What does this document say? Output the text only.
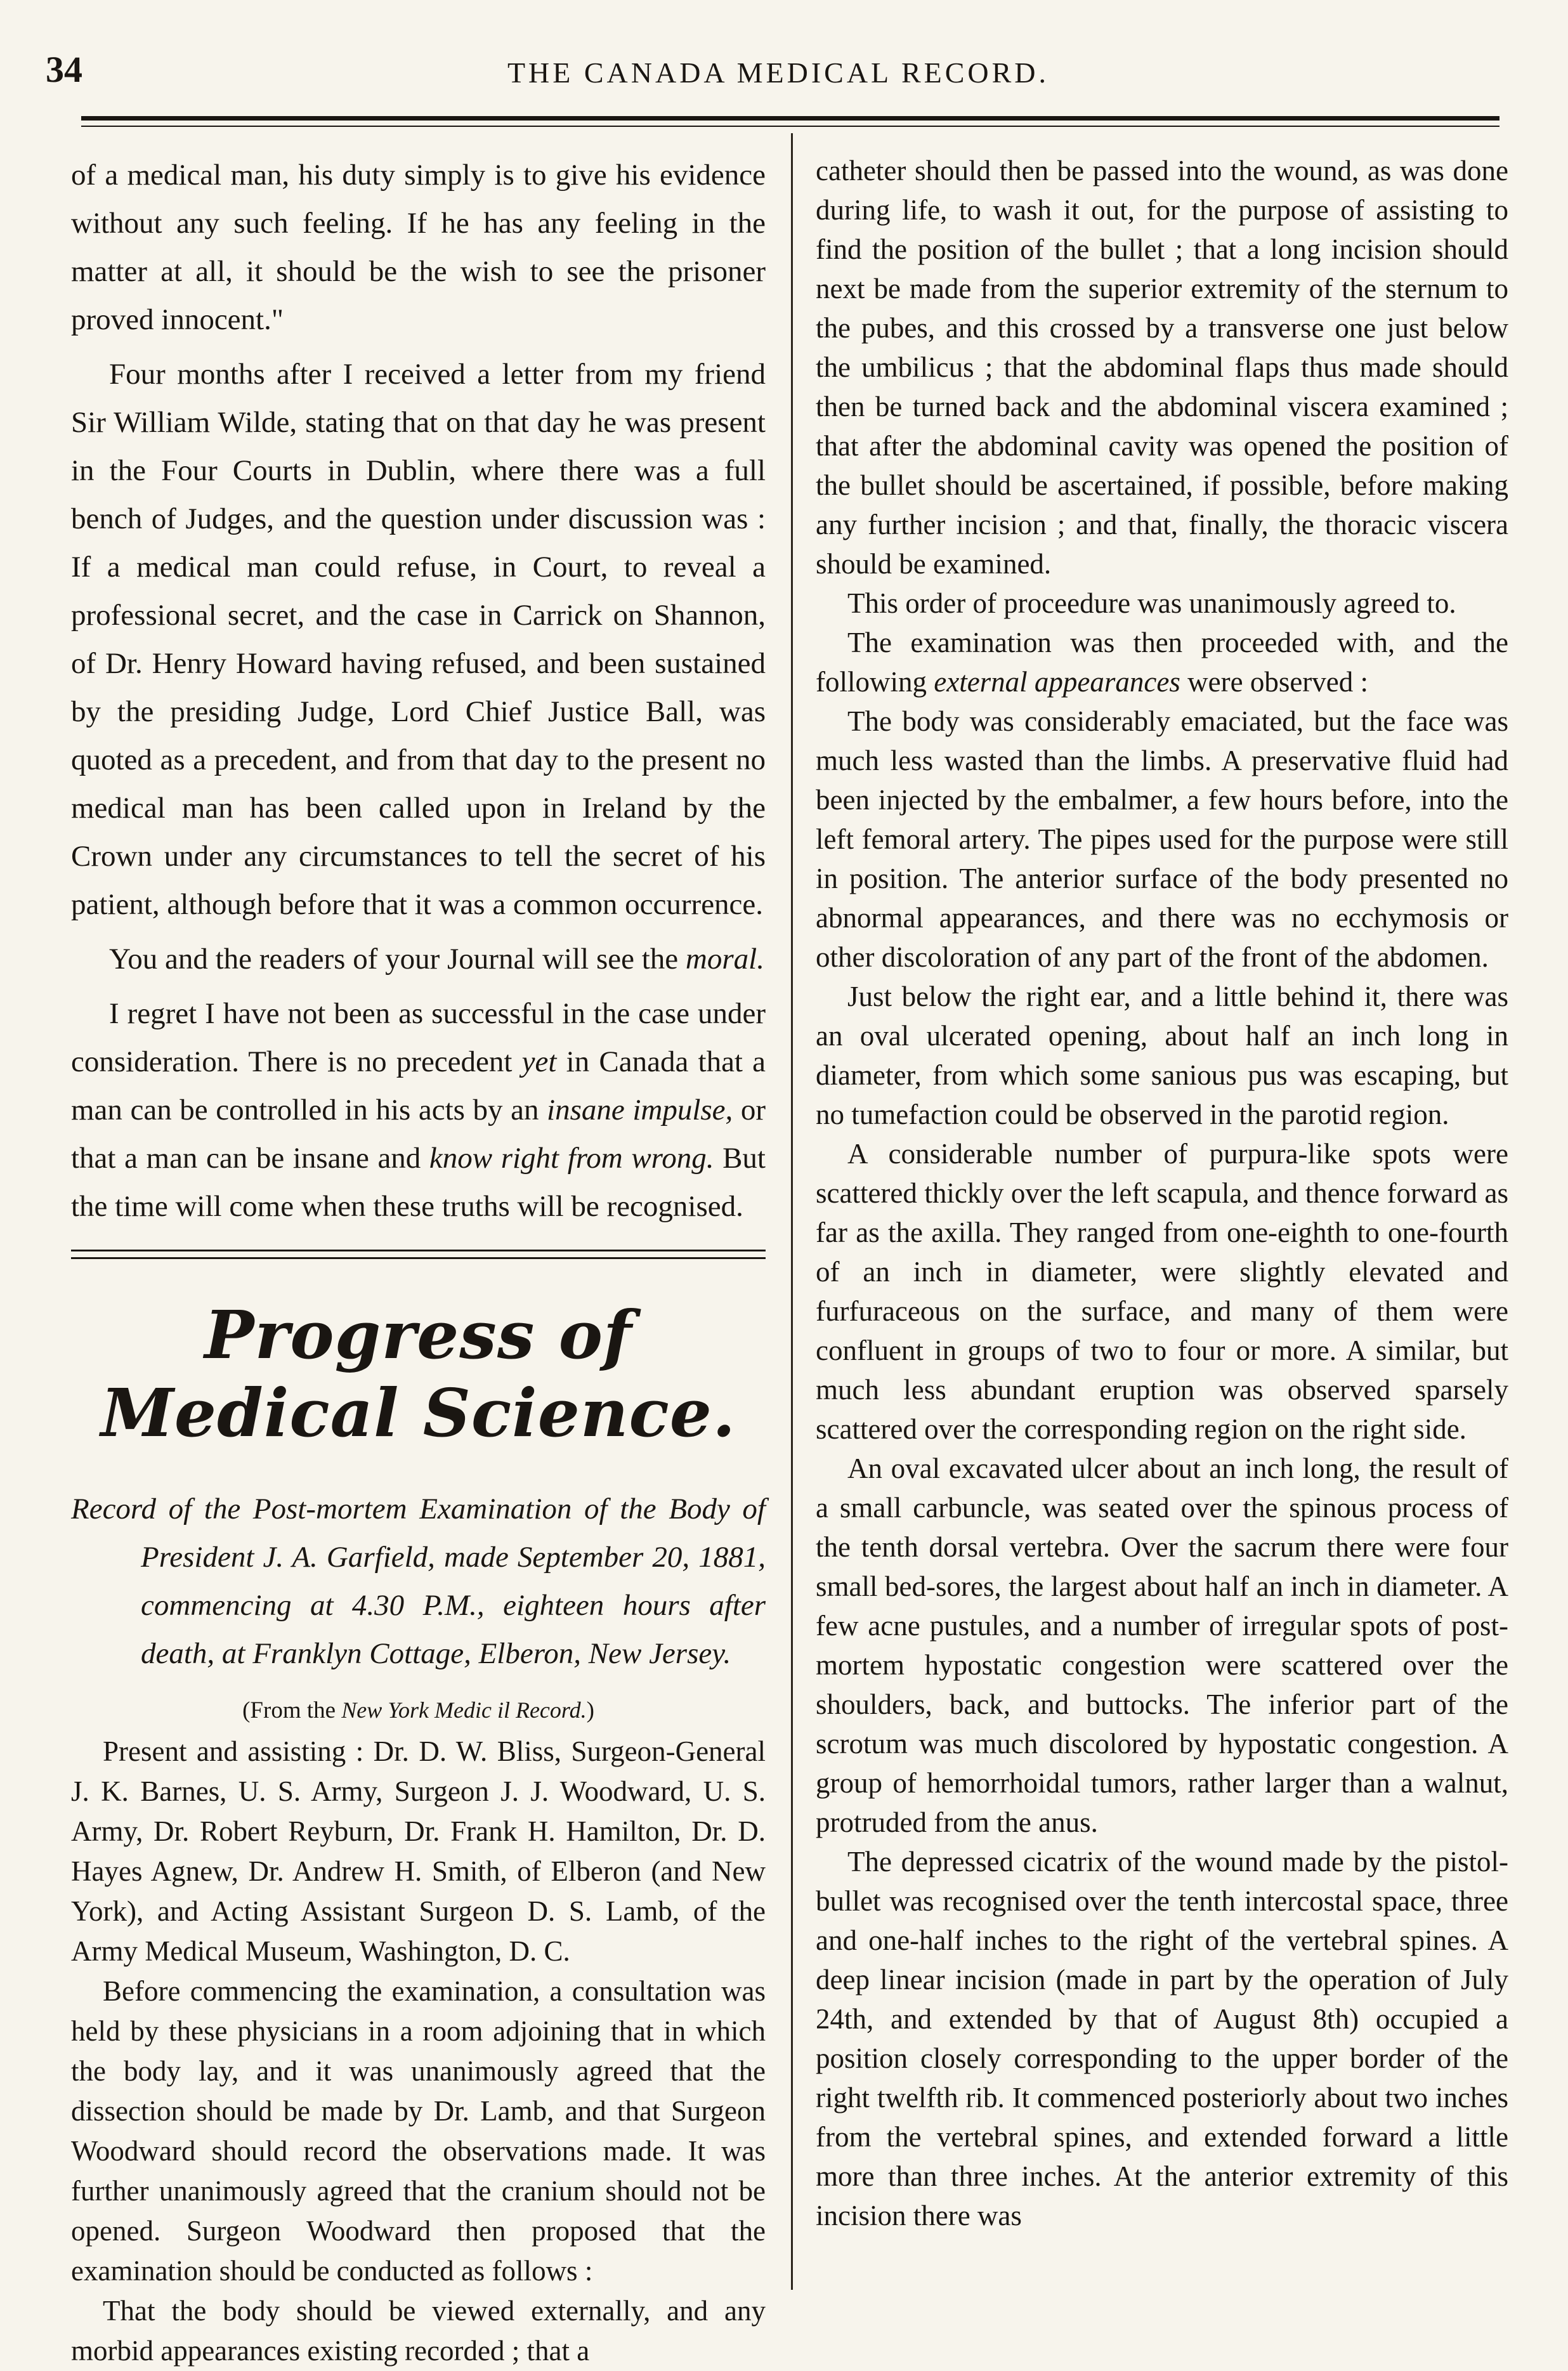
34	THE CANADA MEDICAL RECORD.

of a medical man, his duty simply is to give his evidence without any such feeling. If he has any feeling in the matter at all, it should be the wish to see the prisoner proved innocent."

Four months after I received a letter from my friend Sir William Wilde, stating that on that day he was present in the Four Courts in Dublin, where there was a full bench of Judges, and the question under discussion was : If a medical man could refuse, in Court, to reveal a professional secret, and the case in Carrick on Shannon, of Dr. Henry Howard having refused, and been sustained by the presiding Judge, Lord Chief Justice Ball, was quoted as a precedent, and from that day to the present no medical man has been called upon in Ireland by the Crown under any circumstances to tell the secret of his patient, although before that it was a common occurrence.

You and the readers of your Journal will see the moral.

I regret I have not been as successful in the case under consideration. There is no precedent yet in Canada that a man can be controlled in his acts by an insane impulse, or that a man can be insane and know right from wrong. But the time will come when these truths will be recognised.

Progress of Medical Science.

Record of the Post-mortem Examination of the Body of President J. A. Garfield, made September 20, 1881, commencing at 4.30 P.M., eighteen hours after death, at Franklyn Cottage, Elberon, New Jersey.

(From the New York Medic il Record.)

Present and assisting : Dr. D. W. Bliss, Surgeon-General J. K. Barnes, U. S. Army, Surgeon J. J. Woodward, U. S. Army, Dr. Robert Reyburn, Dr. Frank H. Hamilton, Dr. D. Hayes Agnew, Dr. Andrew H. Smith, of Elberon (and New York), and Acting Assistant Surgeon D. S. Lamb, of the Army Medical Museum, Washington, D. C.

Before commencing the examination, a consultation was held by these physicians in a room adjoining that in which the body lay, and it was unanimously agreed that the dissection should be made by Dr. Lamb, and that Surgeon Woodward should record the observations made. It was further unanimously agreed that the cranium should not be opened. Surgeon Woodward then proposed that the examination should be conducted as follows :

That the body should be viewed externally, and any morbid appearances existing recorded ; that a

catheter should then be passed into the wound, as was done during life, to wash it out, for the purpose of assisting to find the position of the bullet ; that a long incision should next be made from the superior extremity of the sternum to the pubes, and this crossed by a transverse one just below the umbilicus ; that the abdominal flaps thus made should then be turned back and the abdominal viscera examined ; that after the abdominal cavity was opened the position of the bullet should be ascertained, if possible, before making any further incision ; and that, finally, the thoracic viscera should be examined.

This order of proceedure was unanimously agreed to.

The examination was then proceeded with, and the following external appearances were observed :

The body was considerably emaciated, but the face was much less wasted than the limbs. A preservative fluid had been injected by the embalmer, a few hours before, into the left femoral artery. The pipes used for the purpose were still in position. The anterior surface of the body presented no abnormal appearances, and there was no ecchymosis or other discoloration of any part of the front of the abdomen.

Just below the right ear, and a little behind it, there was an oval ulcerated opening, about half an inch long in diameter, from which some sanious pus was escaping, but no tumefaction could be observed in the parotid region.

A considerable number of purpura-like spots were scattered thickly over the left scapula, and thence forward as far as the axilla. They ranged from one-eighth to one-fourth of an inch in diameter, were slightly elevated and furfuraceous on the surface, and many of them were confluent in groups of two to four or more. A similar, but much less abundant eruption was observed sparsely scattered over the corresponding region on the right side.

An oval excavated ulcer about an inch long, the result of a small carbuncle, was seated over the spinous process of the tenth dorsal vertebra. Over the sacrum there were four small bed-sores, the largest about half an inch in diameter. A few acne pustules, and a number of irregular spots of post-mortem hypostatic congestion were scattered over the shoulders, back, and buttocks. The inferior part of the scrotum was much discolored by hypostatic congestion. A group of hemorrhoidal tumors, rather larger than a walnut, protruded from the anus.

The depressed cicatrix of the wound made by the pistol-bullet was recognised over the tenth intercostal space, three and one-half inches to the right of the vertebral spines. A deep linear incision (made in part by the operation of July 24th, and extended by that of August 8th) occupied a position closely corresponding to the upper border of the right twelfth rib. It commenced posteriorly about two inches from the vertebral spines, and extended forward a little more than three inches. At the anterior extremity of this incision there was
